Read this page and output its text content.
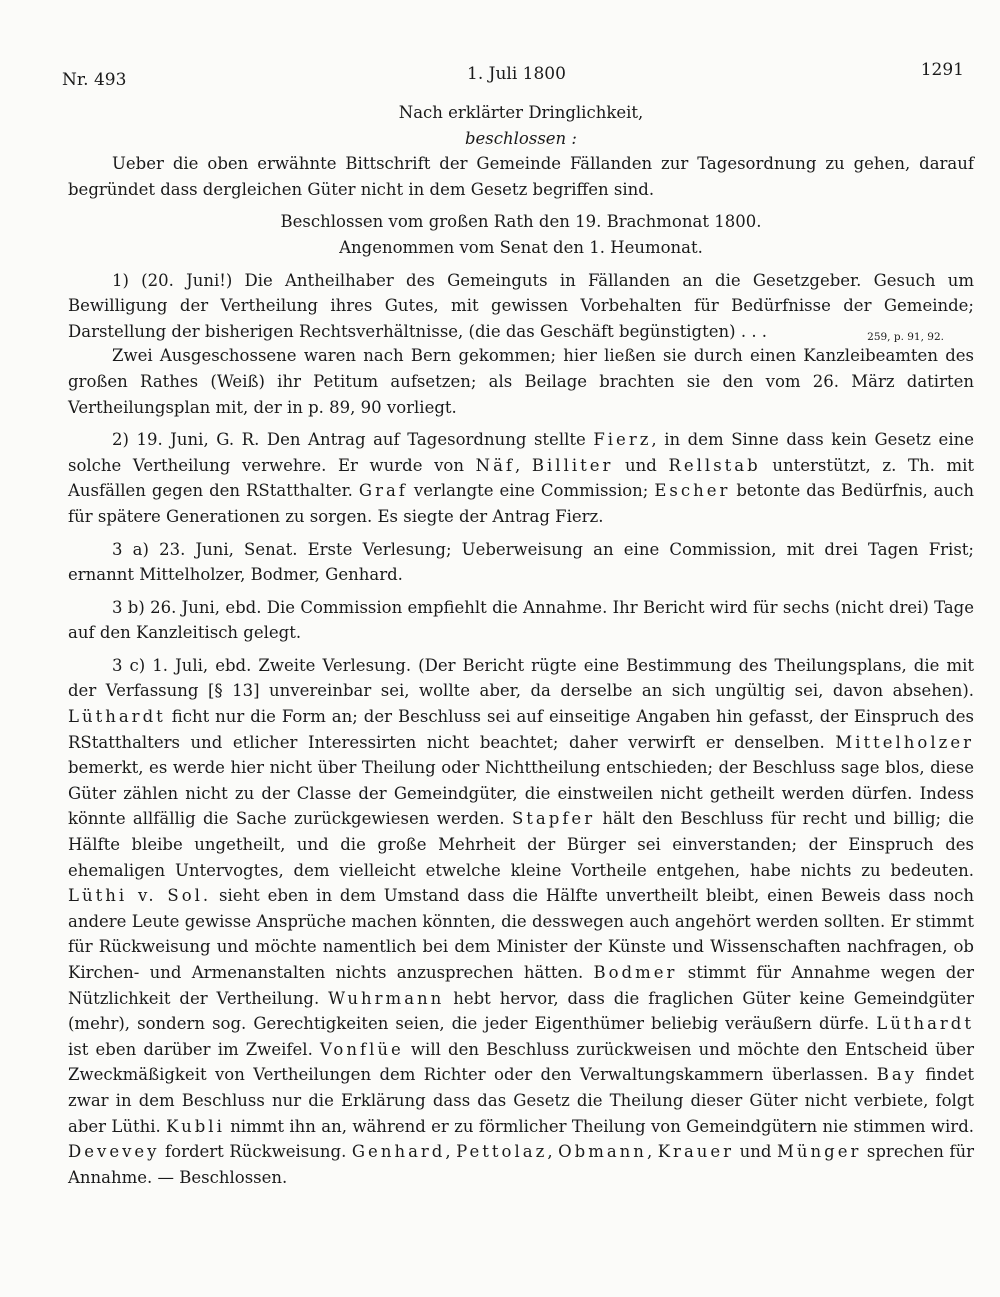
Nr. 493	1. Juli 1800	1291

Nach erklärter Dringlichkeit,

beschlossen :

Ueber die oben erwähnte Bittschrift der Gemeinde Fällanden zur Tagesordnung zu gehen, darauf begründet dass dergleichen Güter nicht in dem Gesetz begriffen sind.

Beschlossen vom großen Rath den 19. Brachmonat 1800.

Angenommen vom Senat den 1. Heumonat.

1) (20. Juni!) Die Antheilhaber des Gemeinguts in Fällanden an die Gesetzgeber. Gesuch um Bewilligung der Vertheilung ihres Gutes, mit gewissen Vorbehalten für Bedürfnisse der Gemeinde; Darstellung der bisherigen Rechtsverhältnisse, (die das Geschäft begünstigten) . . .	259, p. 91, 92.

Zwei Ausgeschossene waren nach Bern gekommen; hier ließen sie durch einen Kanzleibeamten des großen Rathes (Weiß) ihr Petitum aufsetzen; als Beilage brachten sie den vom 26. März datirten Vertheilungsplan mit, der in p. 89, 90 vorliegt.

2) 19. Juni, G. R. Den Antrag auf Tagesordnung stellte Fierz, in dem Sinne dass kein Gesetz eine solche Vertheilung verwehre. Er wurde von Näf, Billiter und Rellstab unterstützt, z. Th. mit Ausfällen gegen den RStatthalter. Graf verlangte eine Commission; Escher betonte das Bedürfnis, auch für spätere Generationen zu sorgen. Es siegte der Antrag Fierz.

3 a) 23. Juni, Senat. Erste Verlesung; Ueberweisung an eine Commission, mit drei Tagen Frist; ernannt Mittelholzer, Bodmer, Genhard.

3 b) 26. Juni, ebd. Die Commission empfiehlt die Annahme. Ihr Bericht wird für sechs (nicht drei) Tage auf den Kanzleitisch gelegt.

3 c) 1. Juli, ebd. Zweite Verlesung. (Der Bericht rügte eine Bestimmung des Theilungsplans, die mit der Verfassung [§ 13] unvereinbar sei, wollte aber, da derselbe an sich ungültig sei, davon absehen). Lüthardt ficht nur die Form an; der Beschluss sei auf einseitige Angaben hin gefasst, der Einspruch des RStatthalters und etlicher Interessirten nicht beachtet; daher verwirft er denselben. Mittelholzer bemerkt, es werde hier nicht über Theilung oder Nichttheilung entschieden; der Beschluss sage blos, diese Güter zählen nicht zu der Classe der Gemeindgüter, die einstweilen nicht getheilt werden dürfen. Indess könnte allfällig die Sache zurückgewiesen werden. Stapfer hält den Beschluss für recht und billig; die Hälfte bleibe ungetheilt, und die große Mehrheit der Bürger sei einverstanden; der Einspruch des ehemaligen Untervogtes, dem vielleicht etwelche kleine Vortheile entgehen, habe nichts zu bedeuten. Lüthi v. Sol. sieht eben in dem Umstand dass die Hälfte unvertheilt bleibt, einen Beweis dass noch andere Leute gewisse Ansprüche machen könnten, die desswegen auch angehört werden sollten. Er stimmt für Rückweisung und möchte namentlich bei dem Minister der Künste und Wissenschaften nachfragen, ob Kirchen- und Armenanstalten nichts anzusprechen hätten. Bodmer stimmt für Annahme wegen der Nützlichkeit der Vertheilung. Wuhrmann hebt hervor, dass die fraglichen Güter keine Gemeindgüter (mehr), sondern sog. Gerechtigkeiten seien, die jeder Eigenthümer beliebig veräußern dürfe. Lüthardt ist eben darüber im Zweifel. Vonflüe will den Beschluss zurückweisen und möchte den Entscheid über Zweckmäßigkeit von Vertheilungen dem Richter oder den Verwaltungskammern überlassen. Bay findet zwar in dem Beschluss nur die Erklärung dass das Gesetz die Theilung dieser Güter nicht verbiete, folgt aber Lüthi. Kubli nimmt ihn an, während er zu förmlicher Theilung von Gemeindgütern nie stimmen wird. Devevey fordert Rückweisung. Genhard, Pettolaz, Obmann, Krauer und Münger sprechen für Annahme. — Beschlossen.
